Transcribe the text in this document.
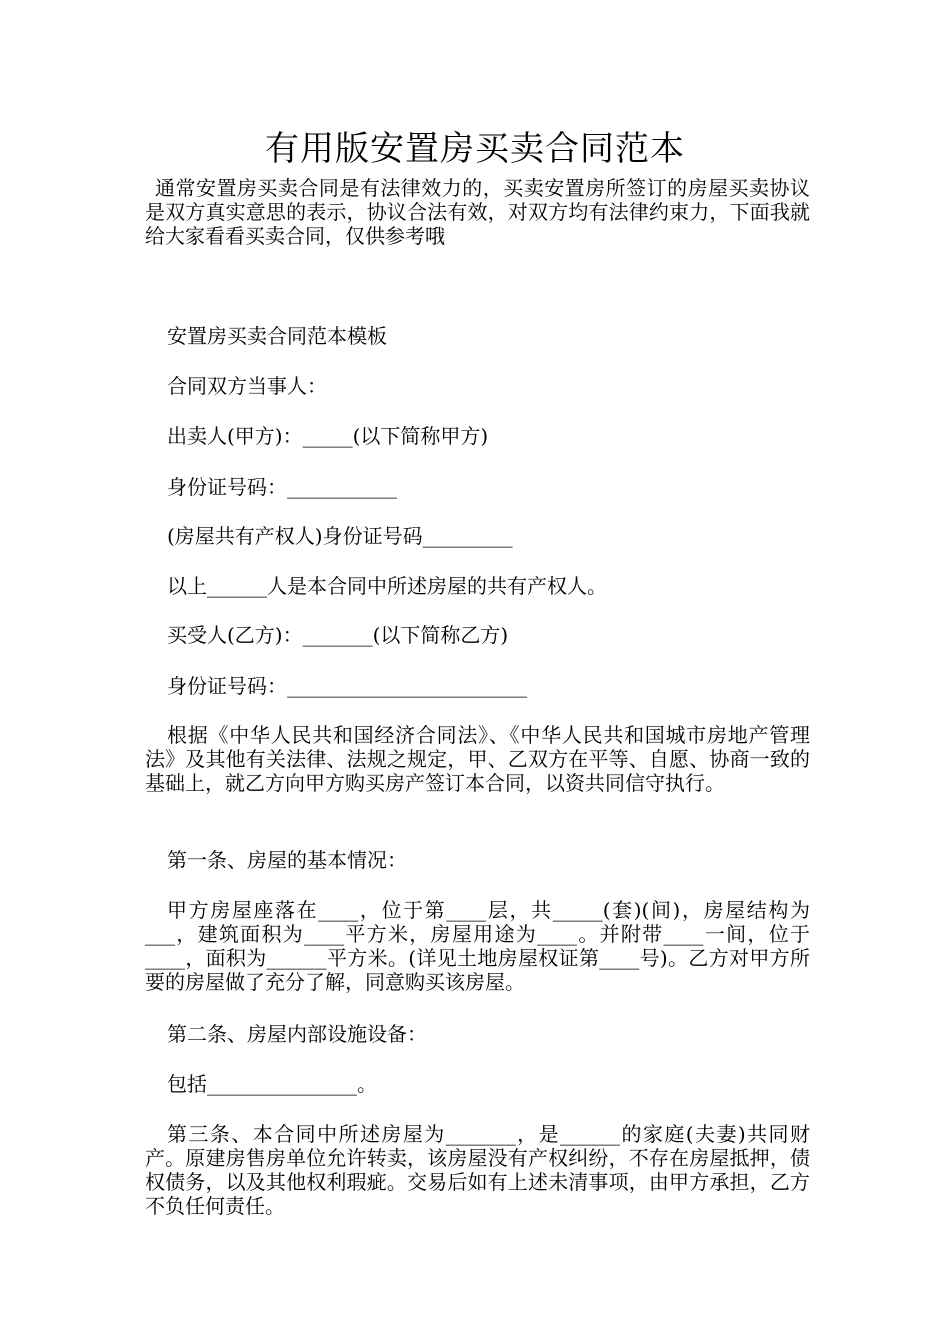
有用版安置房买卖合同范本

通常安置房买卖合同是有法律效力的，买卖安置房所签订的房屋买卖协议是双方真实意思的表示，协议合法有效，对双方均有法律约束力，下面我就给大家看看买卖合同，仅供参考哦

安置房买卖合同范本模板

合同双方当事人：

出卖人(甲方)：_____(以下简称甲方)

身份证号码：___________

(房屋共有产权人)身份证号码_________

以上______人是本合同中所述房屋的共有产权人。

买受人(乙方)：_______(以下简称乙方)

身份证号码：________________________

根据《中华人民共和国经济合同法》、《中华人民共和国城市房地产管理法》及其他有关法律、法规之规定，甲、乙双方在平等、自愿、协商一致的基础上，就乙方向甲方购买房产签订本合同，以资共同信守执行。

第一条、房屋的基本情况：

甲方房屋座落在____，位于第____层，共_____(套)(间)，房屋结构为 ___，建筑面积为____平方米，房屋用途为____。并附带____一间，位于____，面积为______平方米。(详见土地房屋权证第____号)。乙方对甲方所要的房屋做了充分了解，同意购买该房屋。

第二条、房屋内部设施设备：

包括_______________。

第三条、本合同中所述房屋为_______，是______的家庭(夫妻)共同财产。原建房售房单位允许转卖，该房屋没有产权纠纷，不存在房屋抵押，债权债务，以及其他权利瑕疵。交易后如有上述未清事项，由甲方承担，乙方不负任何责任。
